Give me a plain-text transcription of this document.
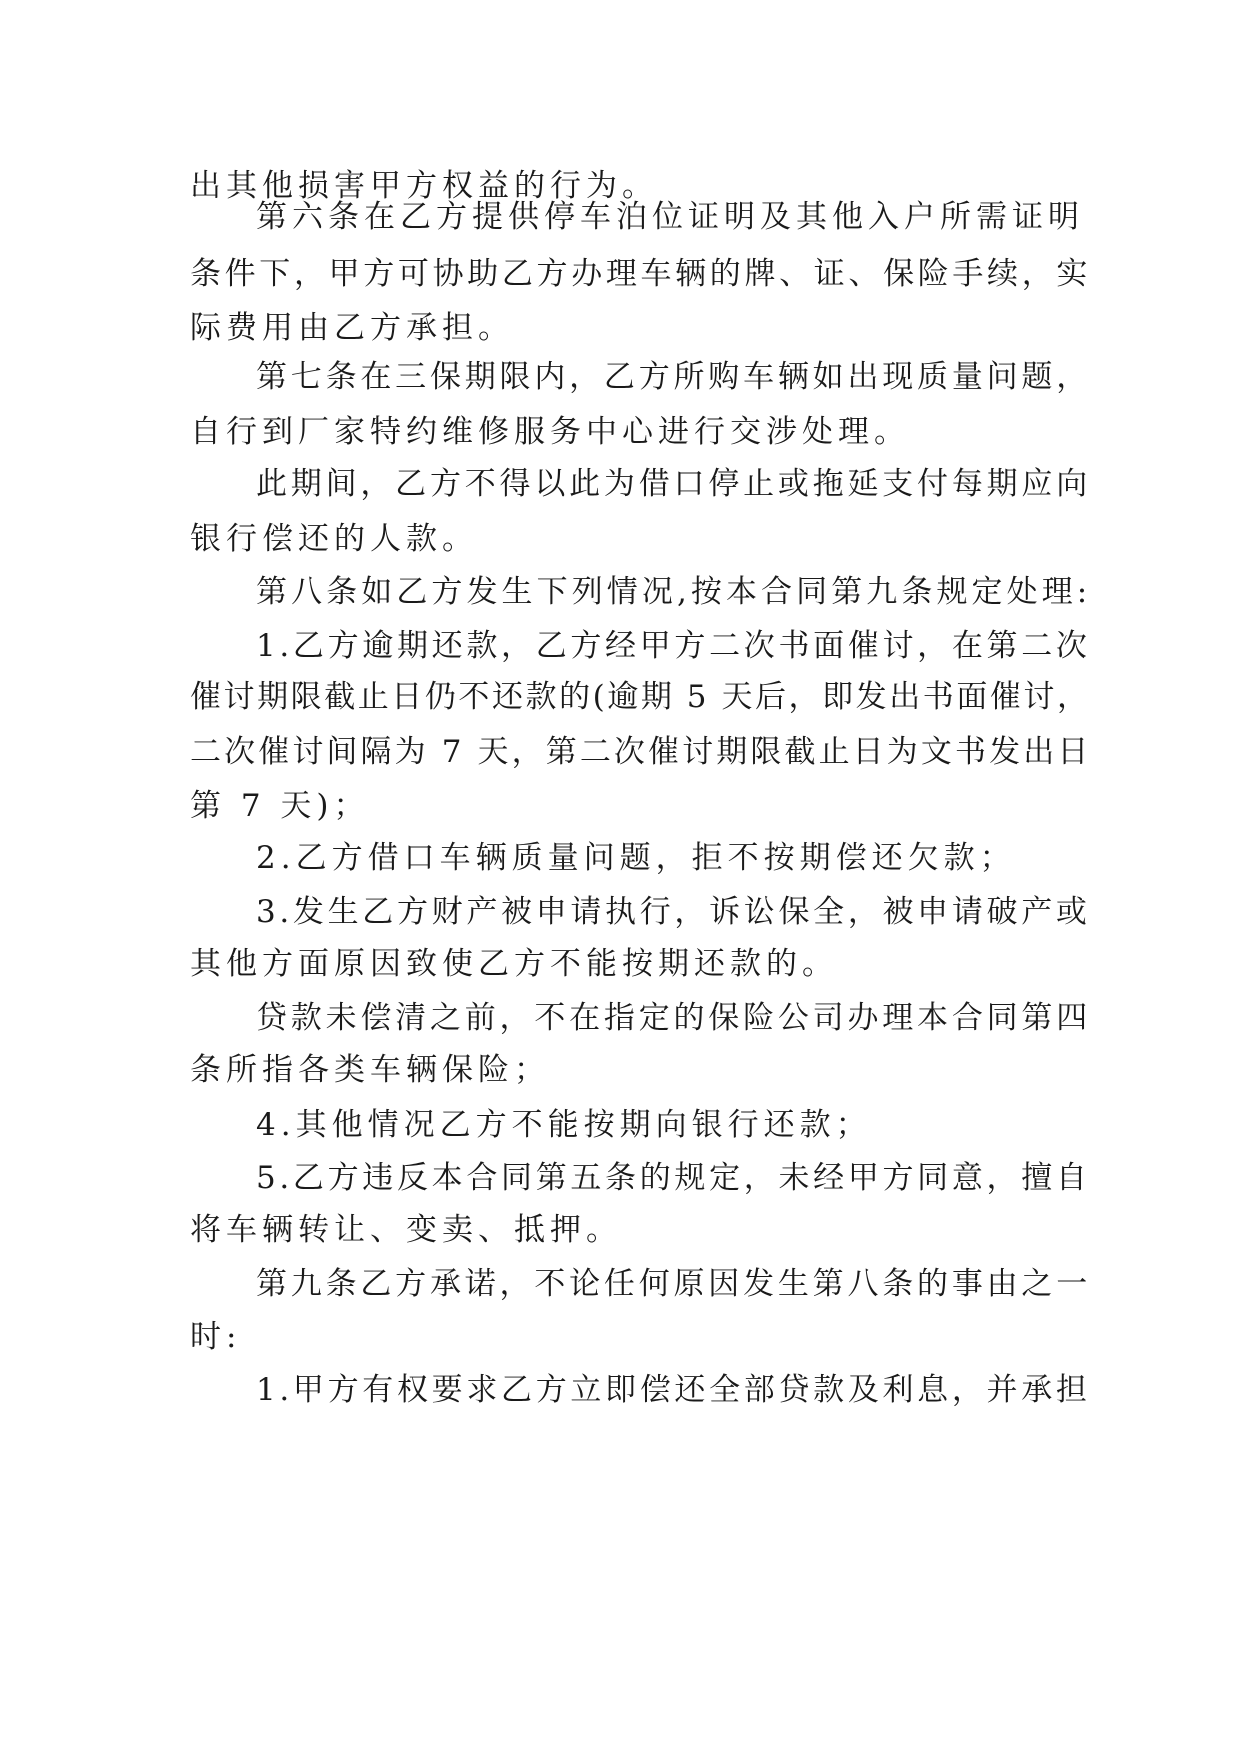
出其他损害甲方权益的行为。
第六条在乙方提供停车泊位证明及其他入户所需证明
条件下，甲方可协助乙方办理车辆的牌、证、保险手续，实
际费用由乙方承担。
第七条在三保期限内，乙方所购车辆如出现质量问题，
自行到厂家特约维修服务中心进行交涉处理。
此期间，乙方不得以此为借口停止或拖延支付每期应向
银行偿还的人款。
第八条如乙方发生下列情况,按本合同第九条规定处理:
1.乙方逾期还款，乙方经甲方二次书面催讨，在第二次
催讨期限截止日仍不还款的(逾期 5 天后，即发出书面催讨，
二次催讨间隔为 7 天，第二次催讨期限截止日为文书发出日
第 7 天)；
2.乙方借口车辆质量问题，拒不按期偿还欠款；
3.发生乙方财产被申请执行，诉讼保全，被申请破产或
其他方面原因致使乙方不能按期还款的。
贷款未偿清之前，不在指定的保险公司办理本合同第四
条所指各类车辆保险；
4.其他情况乙方不能按期向银行还款；
5.乙方违反本合同第五条的规定，未经甲方同意，擅自
将车辆转让、变卖、抵押。
第九条乙方承诺，不论任何原因发生第八条的事由之一
时:
1.甲方有权要求乙方立即偿还全部贷款及利息，并承担
